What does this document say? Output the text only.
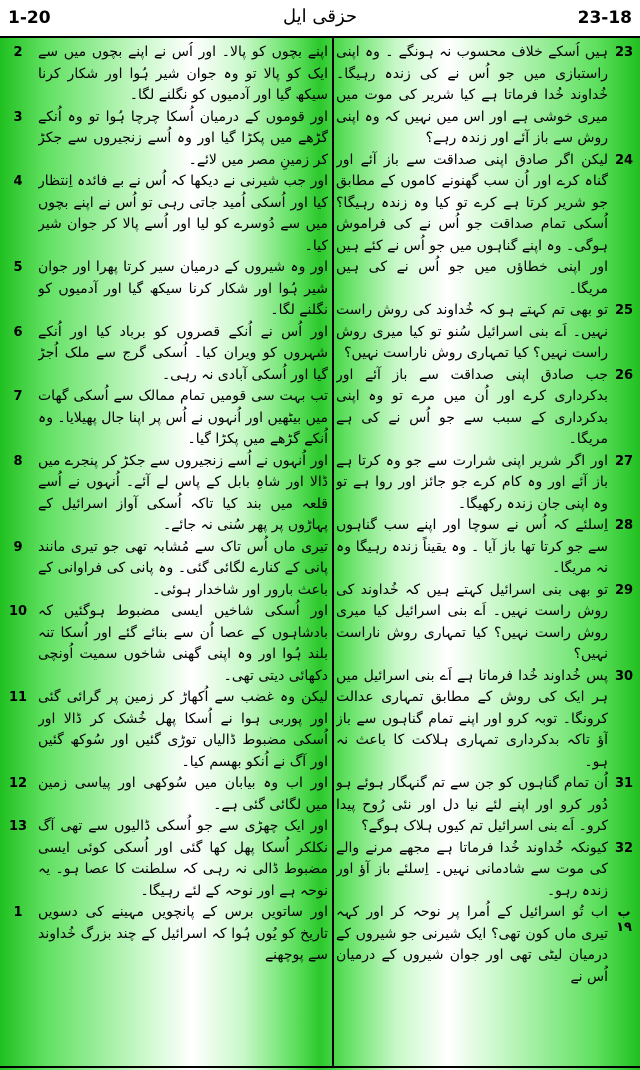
1-20	حزقی ایل	23-18
23
24
25
26
27
28
29
30
31
32
ب ۱۹
2
3
4
5
6
7
8
9
10
11
12
13
1

ہیں اُسکے خلاف محسوب نہ ہونگے ۔ وہ اپنی راستبازی میں جو اُس نے کی زندہ رہیگا۔ خُداوند خُدا فرماتا ہے کیا شریر کی موت میں میری خوشی ہے اور اس میں نہیں کہ وہ اپنی روش سے باز آئے اور زندہ رہے؟

لیکن اگر صادق اپنی صداقت سے باز آئے اور گناہ کرے اور اُن سب گھنونے کاموں کے مطابق جو شریر کرتا ہے کرے تو کیا وہ زندہ رہیگا؟ اُسکی تمام صداقت جو اُس نے کی فراموش ہوگی۔ وہ اپنے گناہوں میں جو اُس نے کئے ہیں اور اپنی خطاؤں میں جو اُس نے کی ہیں مریگا۔

تو بھی تم کہتے ہو کہ خُداوند کی روش راست نہیں۔ اَے بنی اسرائیل سُنو تو کیا میری روش راست نہیں؟ کیا تمہاری روش ناراست نہیں؟

جب صادق اپنی صداقت سے باز آئے اور بدکرداری کرے اور اُن میں مرے تو وہ اپنی بدکرداری کے سبب سے جو اُس نے کی ہے مریگا۔

اور اگر شریر اپنی شرارت سے جو وہ کرتا ہے باز آئے اور وہ کام کرے جو جائز اور روا ہے تو وہ اپنی جان زندہ رکھیگا۔

اِسلئے کہ اُس نے سوچا اور اپنے سب گناہوں سے جو کرتا تھا باز آیا ۔ وہ یقیناً زندہ رہیگا وہ نہ مریگا۔

تو بھی بنی اسرائیل کہتے ہیں کہ خُداوند کی روش راست نہیں۔ اَے بنی اسرائیل کیا میری روش راست نہیں؟ کیا تمہاری روش ناراست نہیں؟

پس خُداوند خُدا فرماتا ہے اَے بنی اسرائیل میں ہر ایک کی روش کے مطابق تمہاری عدالت کرونگا۔ توبہ کرو اور اپنے تمام گناہوں سے باز آؤ تاکہ بدکرداری تمہاری ہلاکت کا باعث نہ ہو۔

اُن تمام گناہوں کو جن سے تم گنہگار ہوئے ہو دُور کرو اور اپنے لئے نیا دل اور نئی رُوح پیدا کرو۔ اَے بنی اسرائیل تم کیوں ہلاک ہوگے؟

کیونکہ خُداوند خُدا فرماتا ہے مجھے مرنے والے کی موت سے شادمانی نہیں۔ اِسلئے باز آؤ اور زندہ رہو۔

اب تُو اسرائیل کے اُمرا پر نوحہ کر اور کہہ تیری ماں کون تھی؟ ایک شیرنی جو شیروں کے درمیان لیٹی تھی اور جوان شیروں کے درمیان اُس نے

اپنے بچوں کو پالا۔ اور اُس نے اپنے بچوں میں سے ایک کو پالا تو وہ جوان شیر ہُوا اور شکار کرنا سیکھ گیا اور آدمیوں کو نگلنے لگا۔

اور قوموں کے درمیان اُسکا چرچا ہُوا تو وہ اُنکے گڑھے میں پکڑا گیا اور وہ اُسے زنجیروں سے جکڑ کر زمینِ مصر میں لائے۔

اور جب شیرنی نے دیکھا کہ اُس نے بے فائدہ اِنتظار کیا اور اُسکی اُمید جاتی رہی تو اُس نے اپنے بچوں میں سے دُوسرے کو لیا اور اُسے پالا کر جوان شیر کیا۔

اور وہ شیروں کے درمیان سیر کرتا پھرا اور جوان شیر ہُوا اور شکار کرنا سیکھ گیا اور آدمیوں کو نگلنے لگا۔

اور اُس نے اُنکے قصروں کو برباد کیا اور اُنکے شہروں کو ویران کیا۔ اُسکی گرج سے ملک اُجڑ گیا اور اُسکی آبادی نہ رہی۔

تب بہت سی قومیں تمام ممالک سے اُسکی گھات میں بیٹھیں اور اُنہوں نے اُس پر اپنا جال پھیلایا۔ وہ اُنکے گڑھے میں پکڑا گیا۔

اور اُنہوں نے اُسے زنجیروں سے جکڑ کر پنجرے میں ڈالا اور شاہِ بابل کے پاس لے آئے۔ اُنہوں نے اُسے قلعہ میں بند کیا تاکہ اُسکی آواز اسرائیل کے پہاڑوں پر پھر سُنی نہ جائے۔

تیری ماں اُس تاک سے مُشابہ تھی جو تیری مانند پانی کے کنارے لگائی گئی۔ وہ پانی کی فراوانی کے باعث بارور اور شاخدار ہوئی۔

اور اُسکی شاخیں ایسی مضبوط ہوگئیں کہ بادشاہوں کے عصا اُن سے بنائے گئے اور اُسکا تنہ بلند ہُوا اور وہ اپنی گھنی شاخوں سمیت اُونچی دکھائی دیتی تھی۔

لیکن وہ غضب سے اُکھاڑ کر زمین پر گرائی گئی اور پوربی ہوا نے اُسکا پھل خُشک کر ڈالا اور اُسکی مضبوط ڈالیاں توڑی گئیں اور سُوکھ گئیں اور آگ نے اُنکو بھسم کیا۔

اور اب وہ بیابان میں سُوکھی اور پیاسی زمین میں لگائی گئی ہے۔

اور ایک چھڑی سے جو اُسکی ڈالیوں سے تھی آگ نکلکر اُسکا پھل کھا گئی اور اُسکی کوئی ایسی مضبوط ڈالی نہ رہی کہ سلطنت کا عصا ہو۔ یہ نوحہ ہے اور نوحہ کے لئے رہیگا۔

اور ساتویں برس کے پانچویں مہینے کی دسویں تاریخ کو یُوں ہُوا کہ اسرائیل کے چند بزرگ خُداوند سے پوچھنے
